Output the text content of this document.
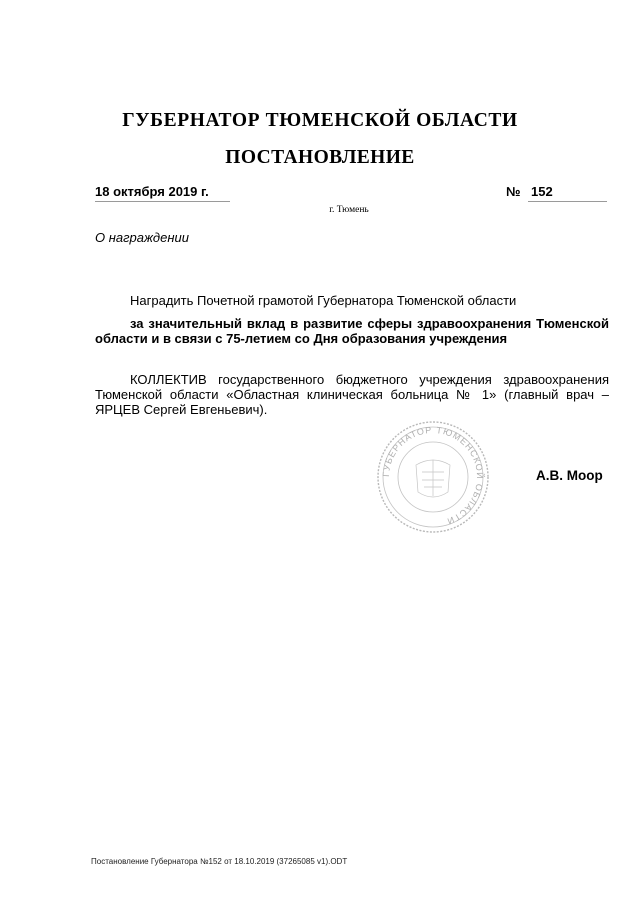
ГУБЕРНАТОР ТЮМЕНСКОЙ ОБЛАСТИ
ПОСТАНОВЛЕНИЕ
18 октября 2019 г.	№ 152
г. Тюмень
О награждении
Наградить Почетной грамотой Губернатора Тюменской области
за значительный вклад в развитие сферы здравоохранения Тюменской области и в связи с 75-летием со Дня образования учреждения
КОЛЛЕКТИВ государственного бюджетного учреждения здравоохранения Тюменской области «Областная клиническая больница № 1» (главный врач – ЯРЦЕВ Сергей Евгеньевич).
ГУБЕРНАТОР ТЮМЕНСКОЙ ОБЛАСТИ
А.В. Моор
Постановление Губернатора №152 от 18.10.2019 (37265085 v1).ODT
